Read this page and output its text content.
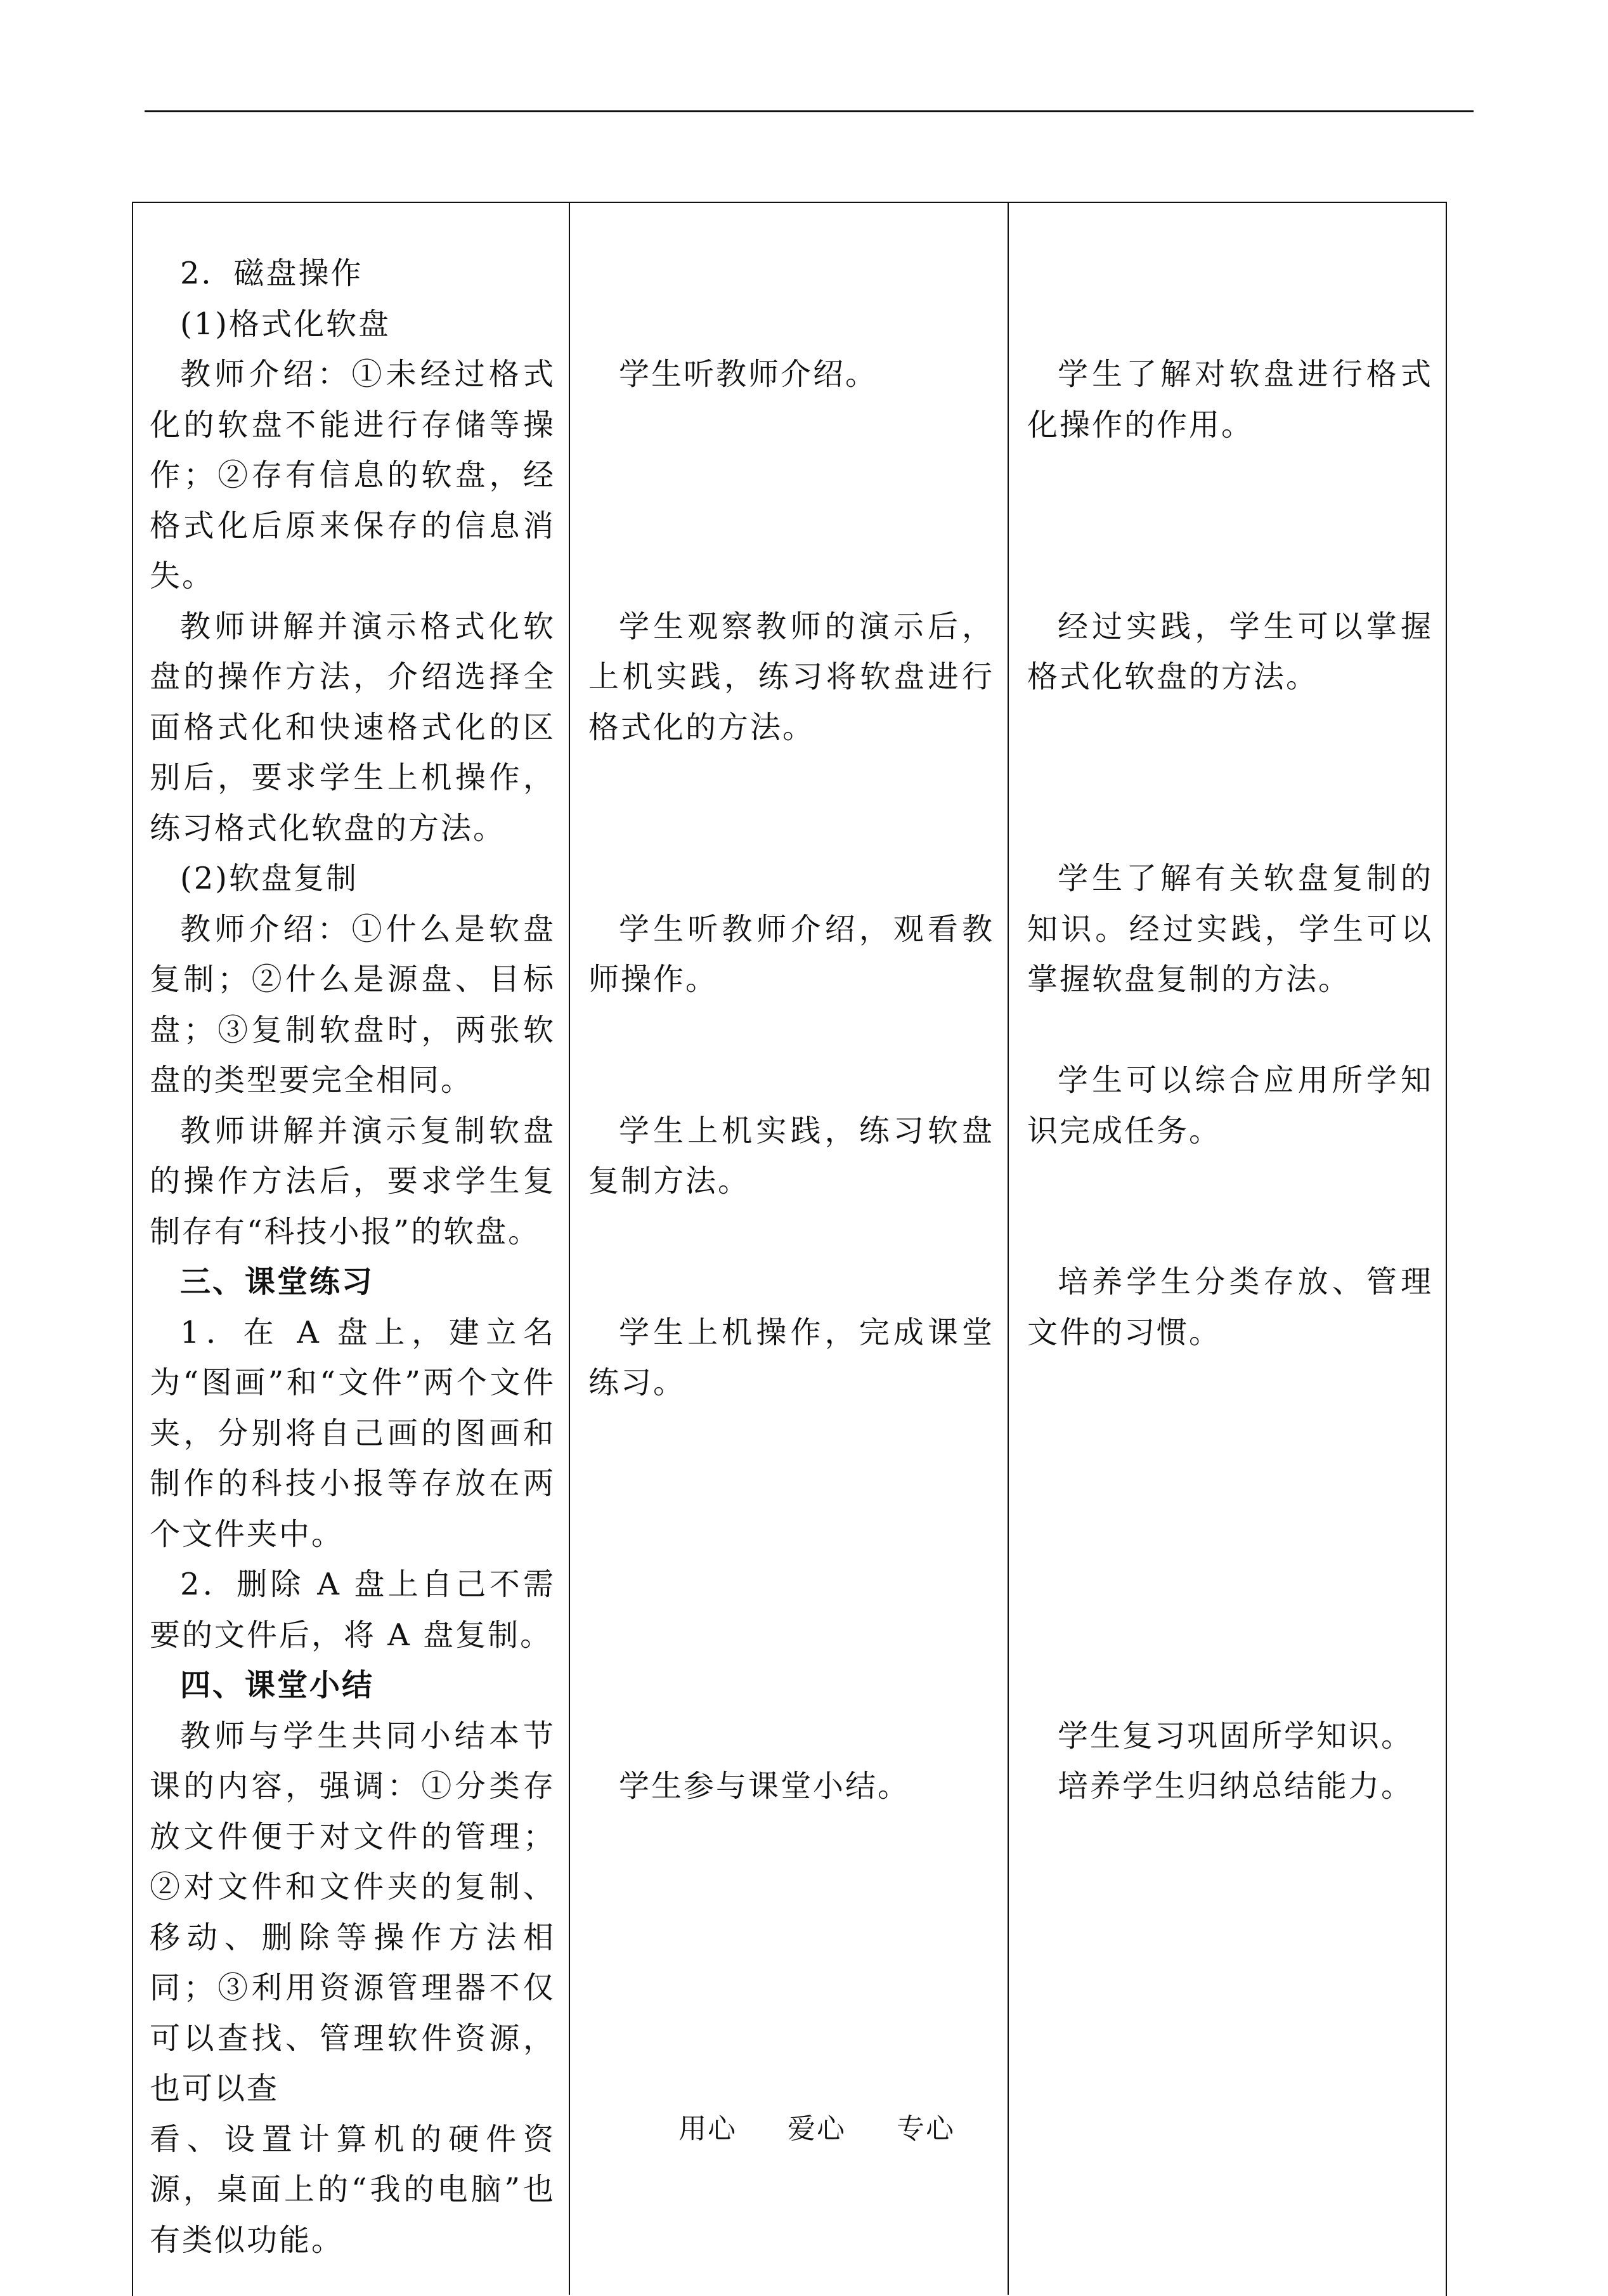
2．磁盘操作

(1)格式化软盘

教师介绍：①未经过格式化的软盘不能进行存储等操作；②存有信息的软盘，经格式化后原来保存的信息消失。

教师讲解并演示格式化软盘的操作方法，介绍选择全面格式化和快速格式化的区别后，要求学生上机操作，练习格式化软盘的方法。

(2)软盘复制

教师介绍：①什么是软盘复制；②什么是源盘、目标盘；③复制软盘时，两张软盘的类型要完全相同。

教师讲解并演示复制软盘的操作方法后，要求学生复制存有“科技小报”的软盘。

三、课堂练习

1．在 A 盘上，建立名为“图画”和“文件”两个文件夹，分别将自己画的图画和制作的科技小报等存放在两个文件夹中。

2．删除 A 盘上自己不需要的文件后，将 A 盘复制。

四、课堂小结

教师与学生共同小结本节课的内容，强调：①分类存放文件便于对文件的管理；②对文件和文件夹的复制、移动、删除等操作方法相同；③利用资源管理器不仅可以查找、管理软件资源，也可以查

看、设置计算机的硬件资源，桌面上的“我的电脑”也有类似功能。

学生听教师介绍。

学生观察教师的演示后，上机实践，练习将软盘进行格式化的方法。

学生听教师介绍，观看教师操作。

学生上机实践，练习软盘复制方法。

学生上机操作，完成课堂练习。

学生参与课堂小结。

学生了解对软盘进行格式化操作的作用。

经过实践，学生可以掌握格式化软盘的方法。

学生了解有关软盘复制的知识。经过实践，学生可以掌握软盘复制的方法。

学生可以综合应用所学知识完成任务。

培养学生分类存放、管理文件的习惯。

学生复习巩固所学知识。

培养学生归纳总结能力。

用心 爱心 专心
